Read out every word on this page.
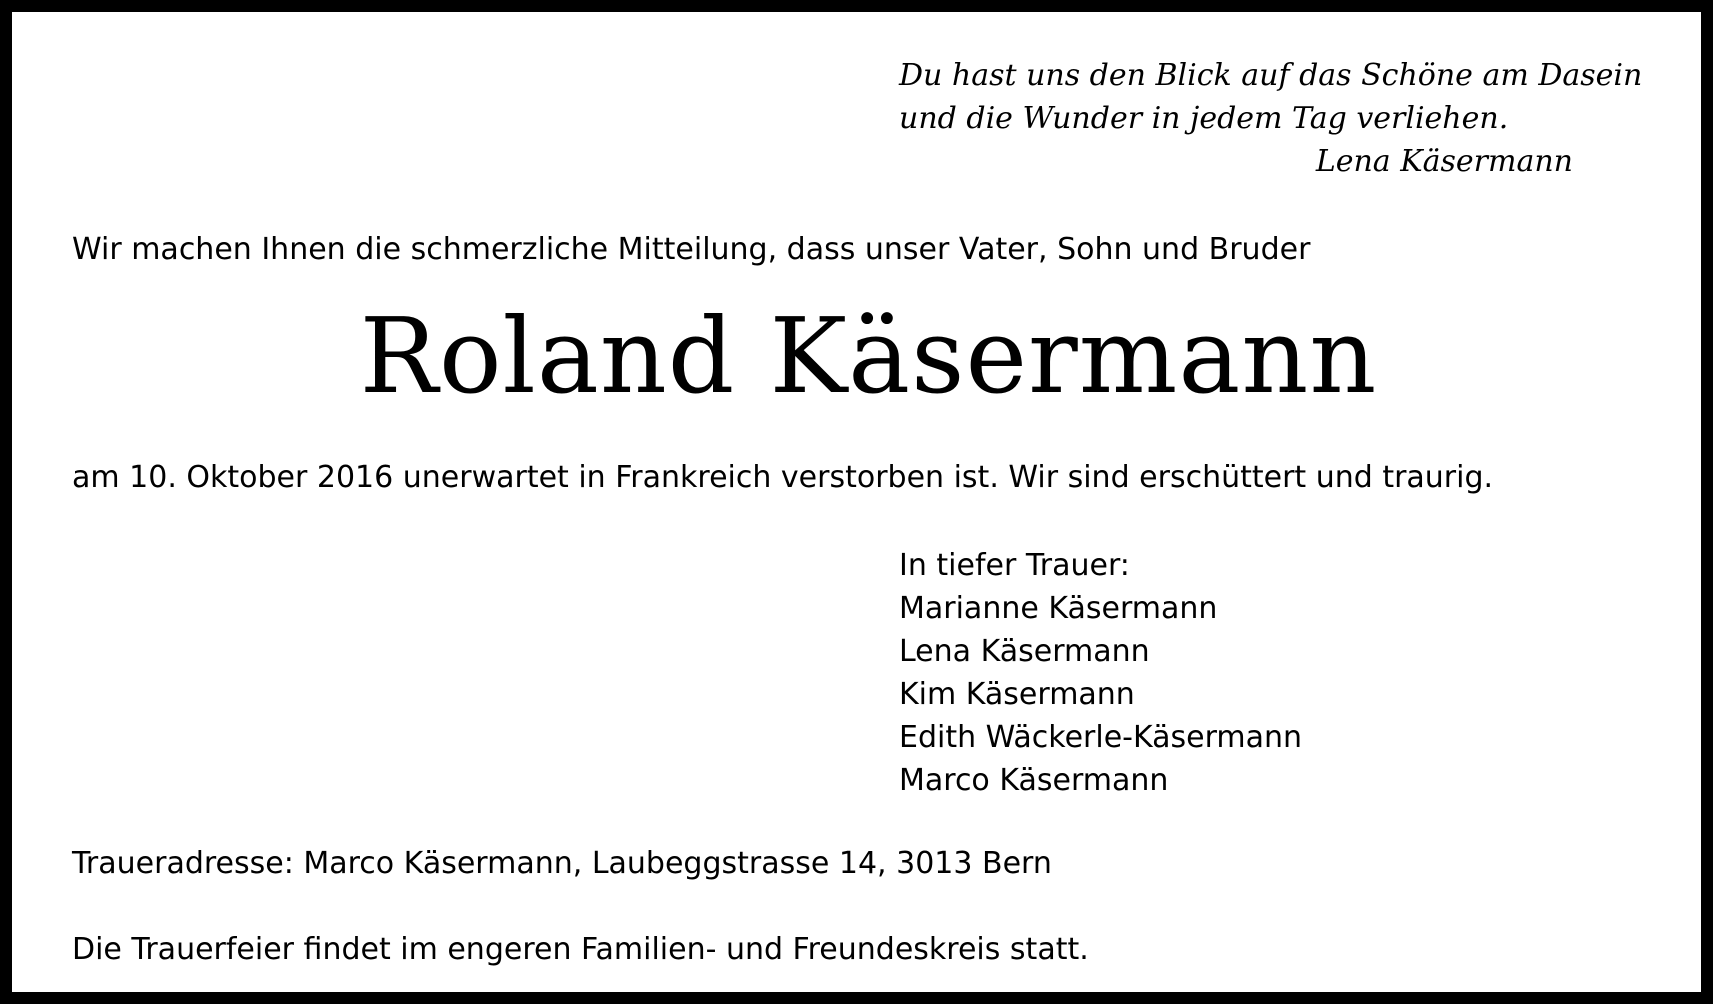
Du hast uns den Blick auf das Schöne am Dasein
und die Wunder in jedem Tag verliehen.
Lena Käsermann
Wir machen Ihnen die schmerzliche Mitteilung, dass unser Vater, Sohn und Bruder
Roland Käsermann
am 10. Oktober 2016 unerwartet in Frankreich verstorben ist. Wir sind erschüttert und traurig.
In tiefer Trauer:
Marianne Käsermann
Lena Käsermann
Kim Käsermann
Edith Wäckerle-Käsermann
Marco Käsermann
Traueradresse: Marco Käsermann, Laubeggstrasse 14, 3013 Bern
Die Trauerfeier findet im engeren Familien- und Freundeskreis statt.
